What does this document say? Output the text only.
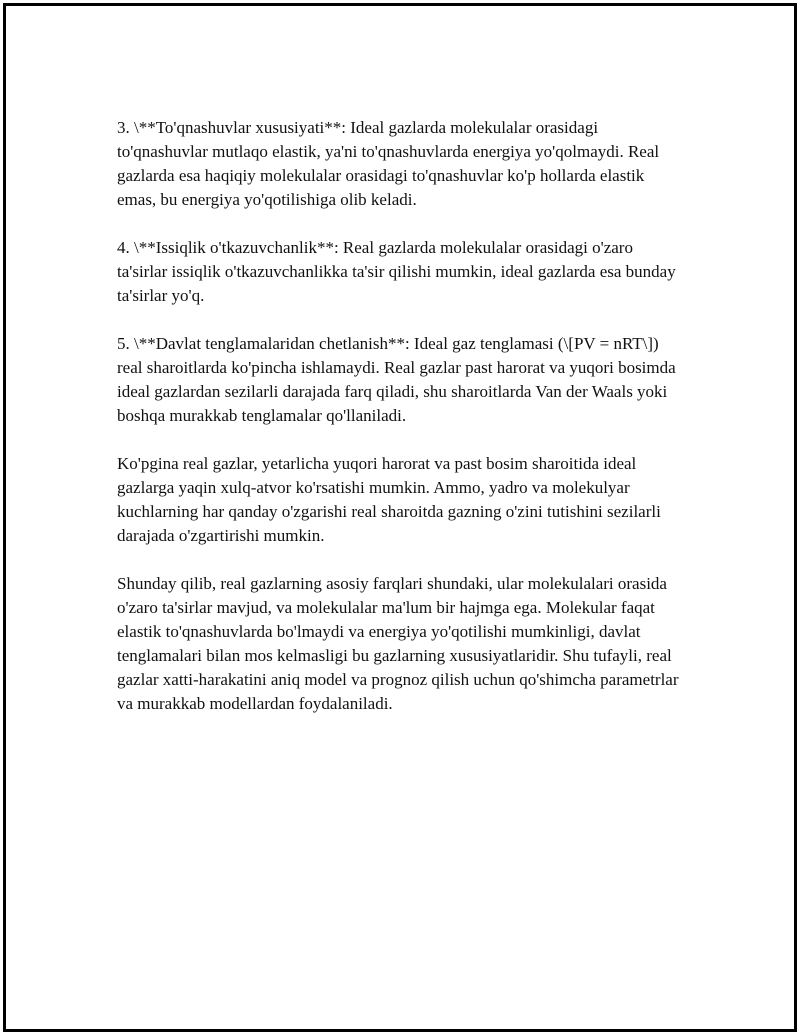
3. \**To'qnashuvlar xususiyati**: Ideal gazlarda molekulalar orasidagi to'qnashuvlar mutlaqo elastik, ya'ni to'qnashuvlarda energiya yo'qolmaydi. Real gazlarda esa haqiqiy molekulalar orasidagi to'qnashuvlar ko'p hollarda elastik emas, bu energiya yo'qotilishiga olib keladi.

4. \**Issiqlik o'tkazuvchanlik**: Real gazlarda molekulalar orasidagi o'zaro ta'sirlar issiqlik o'tkazuvchanlikka ta'sir qilishi mumkin, ideal gazlarda esa bunday ta'sirlar yo'q.

5. \**Davlat tenglamalaridan chetlanish**: Ideal gaz tenglamasi (\[PV = nRT\]) real sharoitlarda ko'pincha ishlamaydi. Real gazlar past harorat va yuqori bosimda ideal gazlardan sezilarli darajada farq qiladi, shu sharoitlarda Van der Waals yoki boshqa murakkab tenglamalar qo'llaniladi.

Ko'pgina real gazlar, yetarlicha yuqori harorat va past bosim sharoitida ideal gazlarga yaqin xulq-atvor ko'rsatishi mumkin. Ammo, yadro va molekulyar kuchlarning har qanday o'zgarishi real sharoitda gazning o'zini tutishini sezilarli darajada o'zgartirishi mumkin.

Shunday qilib, real gazlarning asosiy farqlari shundaki, ular molekulalari orasida o'zaro ta'sirlar mavjud, va molekulalar ma'lum bir hajmga ega. Molekular faqat elastik to'qnashuvlarda bo'lmaydi va energiya yo'qotilishi mumkinligi, davlat tenglamalari bilan mos kelmasligi bu gazlarning xususiyatlaridir. Shu tufayli, real gazlar xatti-harakatini aniq model va prognoz qilish uchun qo'shimcha parametrlar va murakkab modellardan foydalaniladi.
